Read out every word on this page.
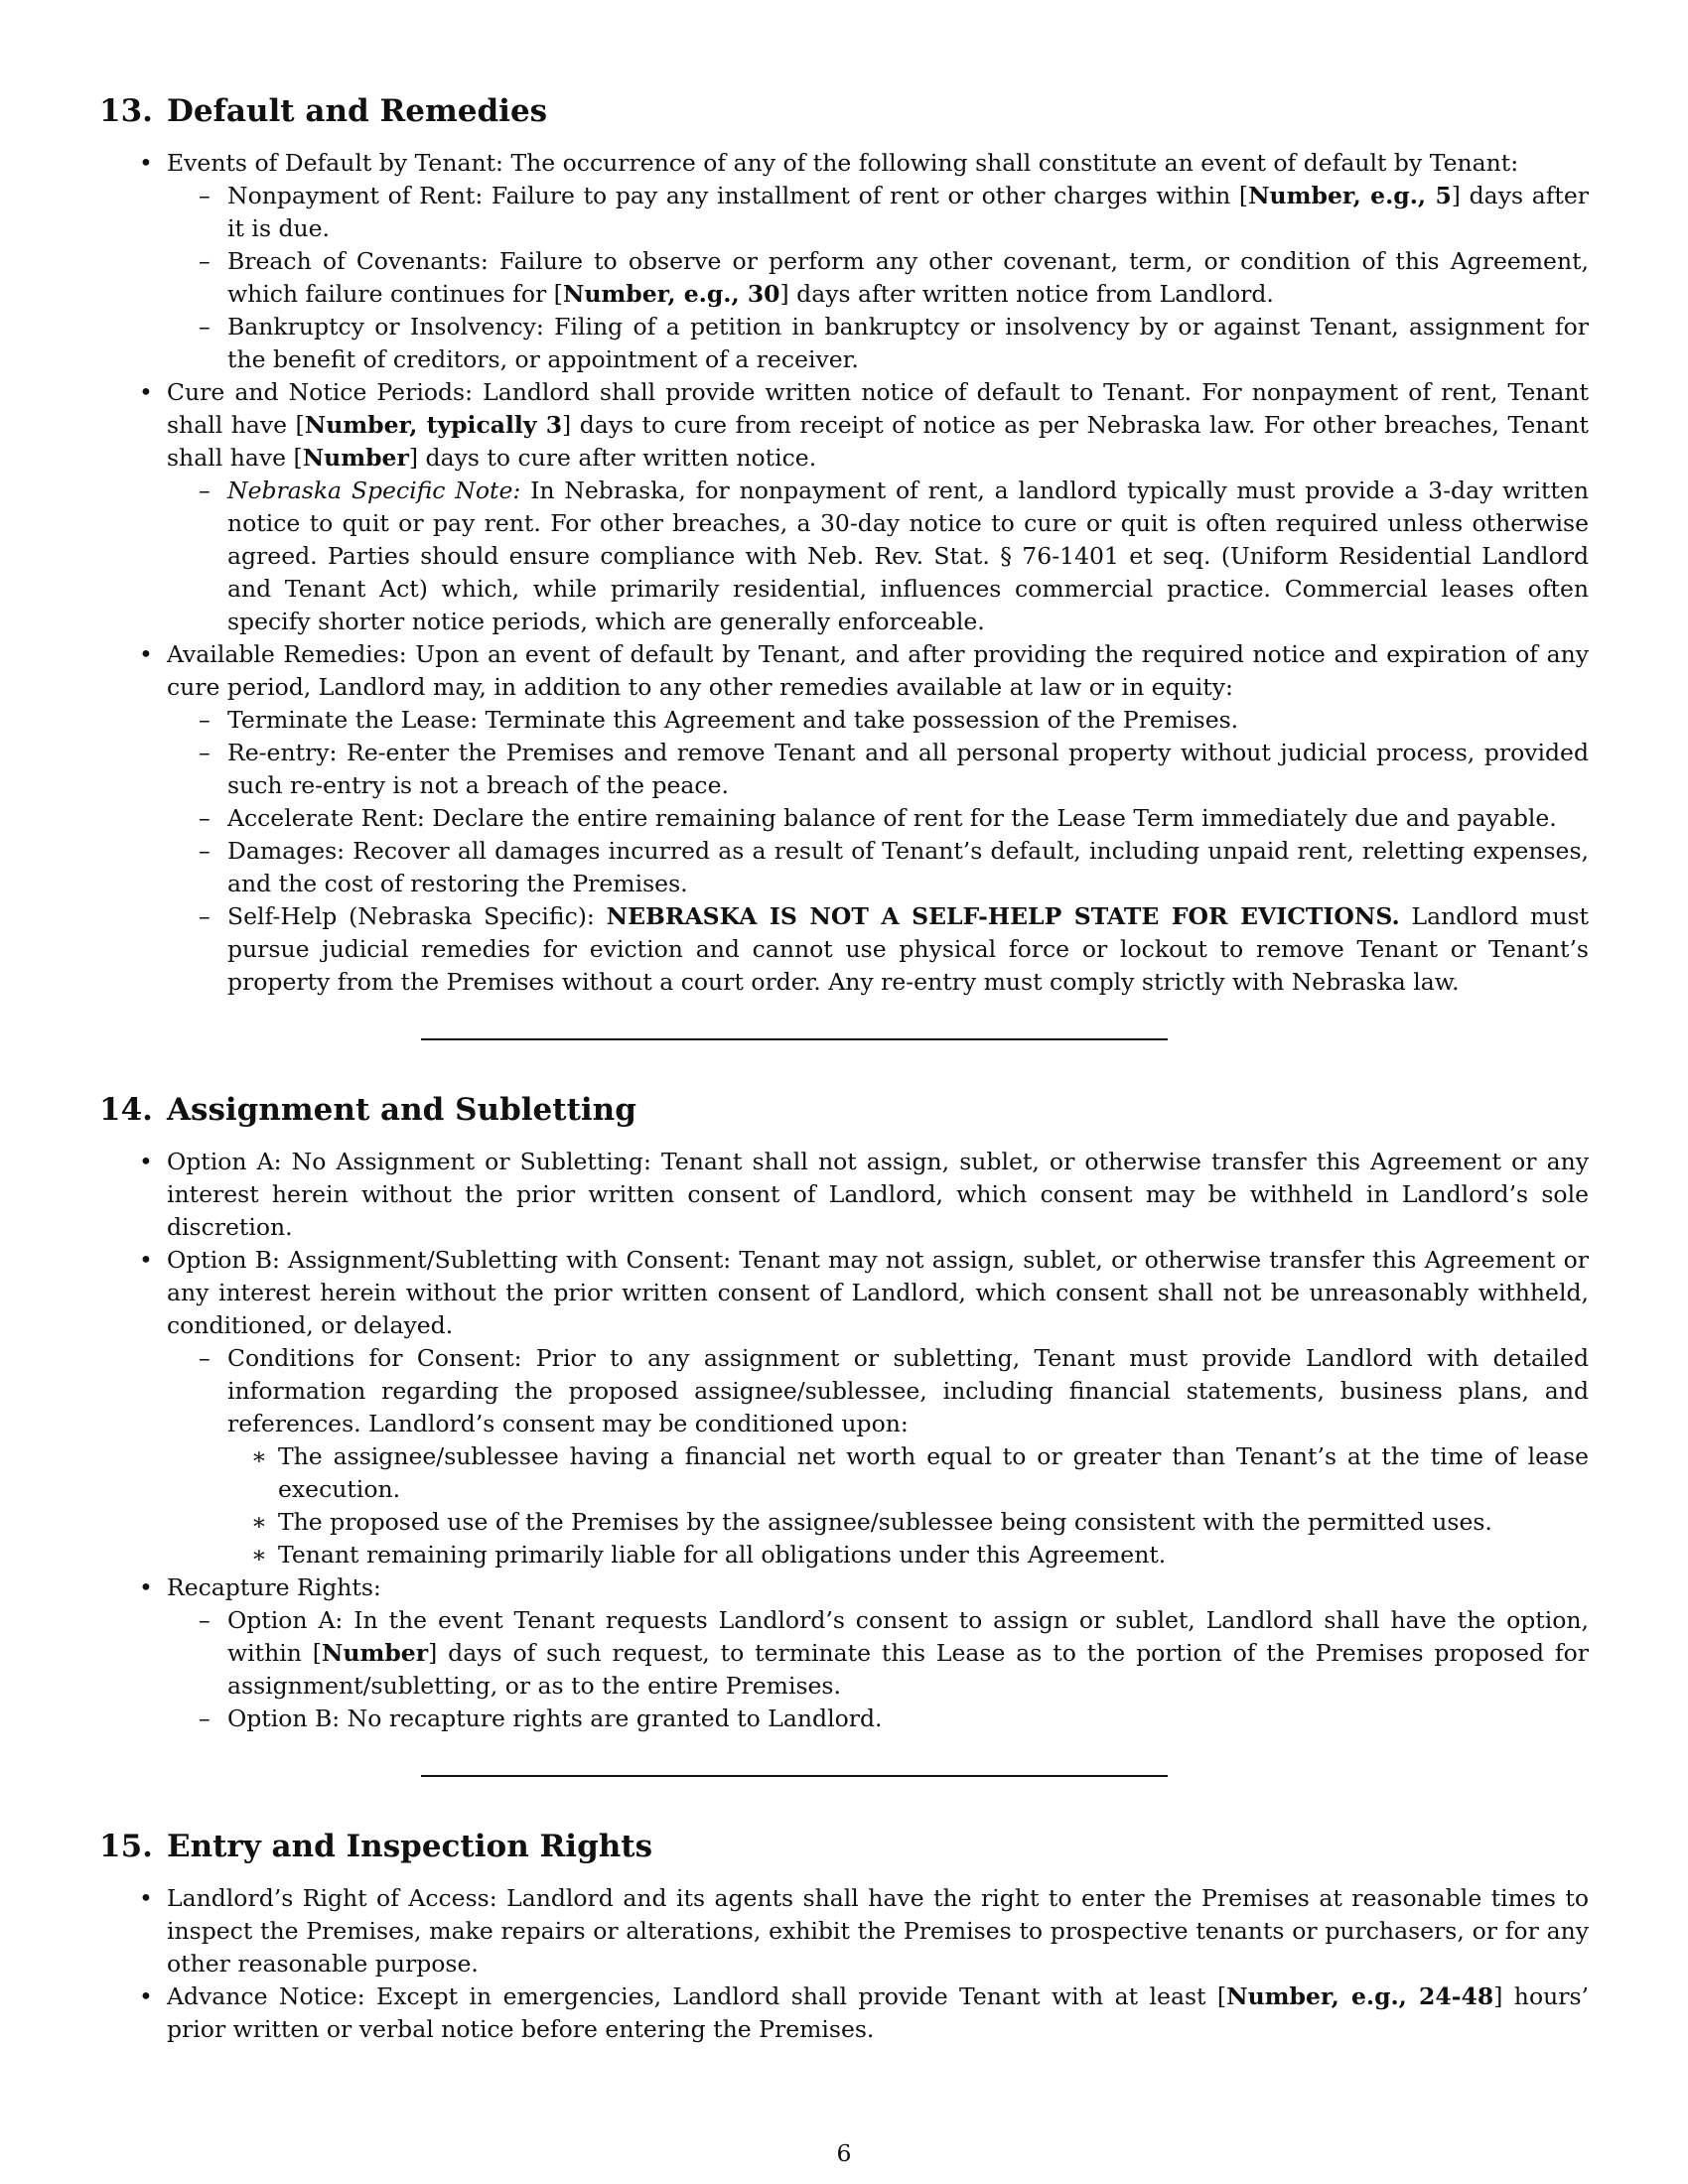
13. Default and Remedies
• Events of Default by Tenant: The occurrence of any of the following shall constitute an event of default by Tenant:
– Nonpayment of Rent: Failure to pay any installment of rent or other charges within [Number, e.g., 5] days after it is due.
– Breach of Covenants: Failure to observe or perform any other covenant, term, or condition of this Agreement, which failure continues for [Number, e.g., 30] days after written notice from Landlord.
– Bankruptcy or Insolvency: Filing of a petition in bankruptcy or insolvency by or against Tenant, assignment for the benefit of creditors, or appointment of a receiver.
• Cure and Notice Periods: Landlord shall provide written notice of default to Tenant. For nonpayment of rent, Tenant shall have [Number, typically 3] days to cure from receipt of notice as per Nebraska law. For other breaches, Tenant shall have [Number] days to cure after written notice.
– Nebraska Specific Note: In Nebraska, for nonpayment of rent, a landlord typically must provide a 3-day written notice to quit or pay rent. For other breaches, a 30-day notice to cure or quit is often required unless otherwise agreed. Parties should ensure compliance with Neb. Rev. Stat. § 76-1401 et seq. (Uniform Residential Landlord and Tenant Act) which, while primarily residential, influences commercial practice. Commercial leases often specify shorter notice periods, which are generally enforceable.
• Available Remedies: Upon an event of default by Tenant, and after providing the required notice and expiration of any cure period, Landlord may, in addition to any other remedies available at law or in equity:
– Terminate the Lease: Terminate this Agreement and take possession of the Premises.
– Re-entry: Re-enter the Premises and remove Tenant and all personal property without judicial process, provided such re-entry is not a breach of the peace.
– Accelerate Rent: Declare the entire remaining balance of rent for the Lease Term immediately due and payable.
– Damages: Recover all damages incurred as a result of Tenant’s default, including unpaid rent, reletting expenses, and the cost of restoring the Premises.
– Self-Help (Nebraska Specific): NEBRASKA IS NOT A SELF-HELP STATE FOR EVICTIONS. Landlord must pursue judicial remedies for eviction and cannot use physical force or lockout to remove Tenant or Tenant’s property from the Premises without a court order. Any re-entry must comply strictly with Nebraska law.
14. Assignment and Subletting
• Option A: No Assignment or Subletting: Tenant shall not assign, sublet, or otherwise transfer this Agreement or any interest herein without the prior written consent of Landlord, which consent may be withheld in Landlord’s sole discretion.
• Option B: Assignment/Subletting with Consent: Tenant may not assign, sublet, or otherwise transfer this Agreement or any interest herein without the prior written consent of Landlord, which consent shall not be unreasonably withheld, conditioned, or delayed.
– Conditions for Consent: Prior to any assignment or subletting, Tenant must provide Landlord with detailed information regarding the proposed assignee/sublessee, including financial statements, business plans, and references. Landlord’s consent may be conditioned upon:
∗ The assignee/sublessee having a financial net worth equal to or greater than Tenant’s at the time of lease execution.
∗ The proposed use of the Premises by the assignee/sublessee being consistent with the permitted uses.
∗ Tenant remaining primarily liable for all obligations under this Agreement.
• Recapture Rights:
– Option A: In the event Tenant requests Landlord’s consent to assign or sublet, Landlord shall have the option, within [Number] days of such request, to terminate this Lease as to the portion of the Premises proposed for assignment/subletting, or as to the entire Premises.
– Option B: No recapture rights are granted to Landlord.
15. Entry and Inspection Rights
• Landlord’s Right of Access: Landlord and its agents shall have the right to enter the Premises at reasonable times to inspect the Premises, make repairs or alterations, exhibit the Premises to prospective tenants or purchasers, or for any other reasonable purpose.
• Advance Notice: Except in emergencies, Landlord shall provide Tenant with at least [Number, e.g., 24-48] hours’ prior written or verbal notice before entering the Premises.
6
